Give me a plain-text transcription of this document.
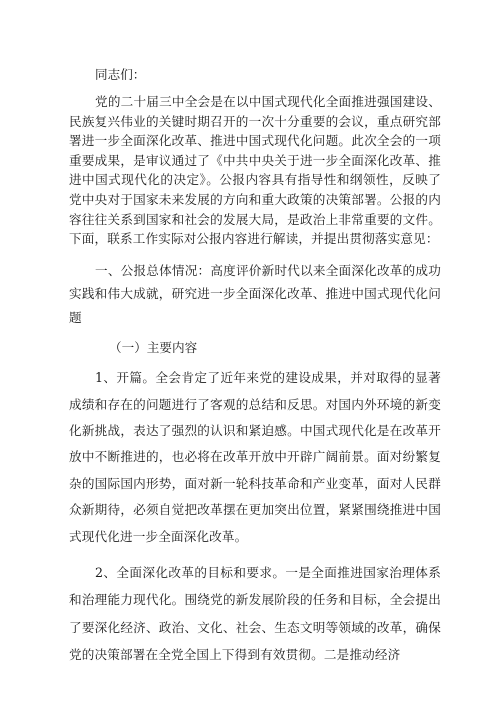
同志们：

党的二十届三中全会是在以中国式现代化全面推进强国建设、民族复兴伟业的关键时期召开的一次十分重要的会议，重点研究部署进一步全面深化改革、推进中国式现代化问题。此次全会的一项重要成果，是审议通过了《中共中央关于进一步全面深化改革、推进中国式现代化的决定》。公报内容具有指导性和纲领性，反映了党中央对于国家未来发展的方向和重大政策的决策部署。公报的内容往往关系到国家和社会的发展大局，是政治上非常重要的文件。下面，联系工作实际对公报内容进行解读，并提出贯彻落实意见：

一、公报总体情况：高度评价新时代以来全面深化改革的成功实践和伟大成就，研究进一步全面深化改革、推进中国式现代化问题

（一）主要内容

1、开篇。全会肯定了近年来党的建设成果，并对取得的显著成绩和存在的问题进行了客观的总结和反思。对国内外环境的新变化新挑战，表达了强烈的认识和紧迫感。中国式现代化是在改革开放中不断推进的，也必将在改革开放中开辟广阔前景。面对纷繁复杂的国际国内形势，面对新一轮科技革命和产业变革，面对人民群众新期待，必须自觉把改革摆在更加突出位置，紧紧围绕推进中国式现代化进一步全面深化改革。

2、全面深化改革的目标和要求。一是全面推进国家治理体系和治理能力现代化。围绕党的新发展阶段的任务和目标，全会提出了要深化经济、政治、文化、社会、生态文明等领域的改革，确保党的决策部署在全党全国上下得到有效贯彻。二是推动经济
